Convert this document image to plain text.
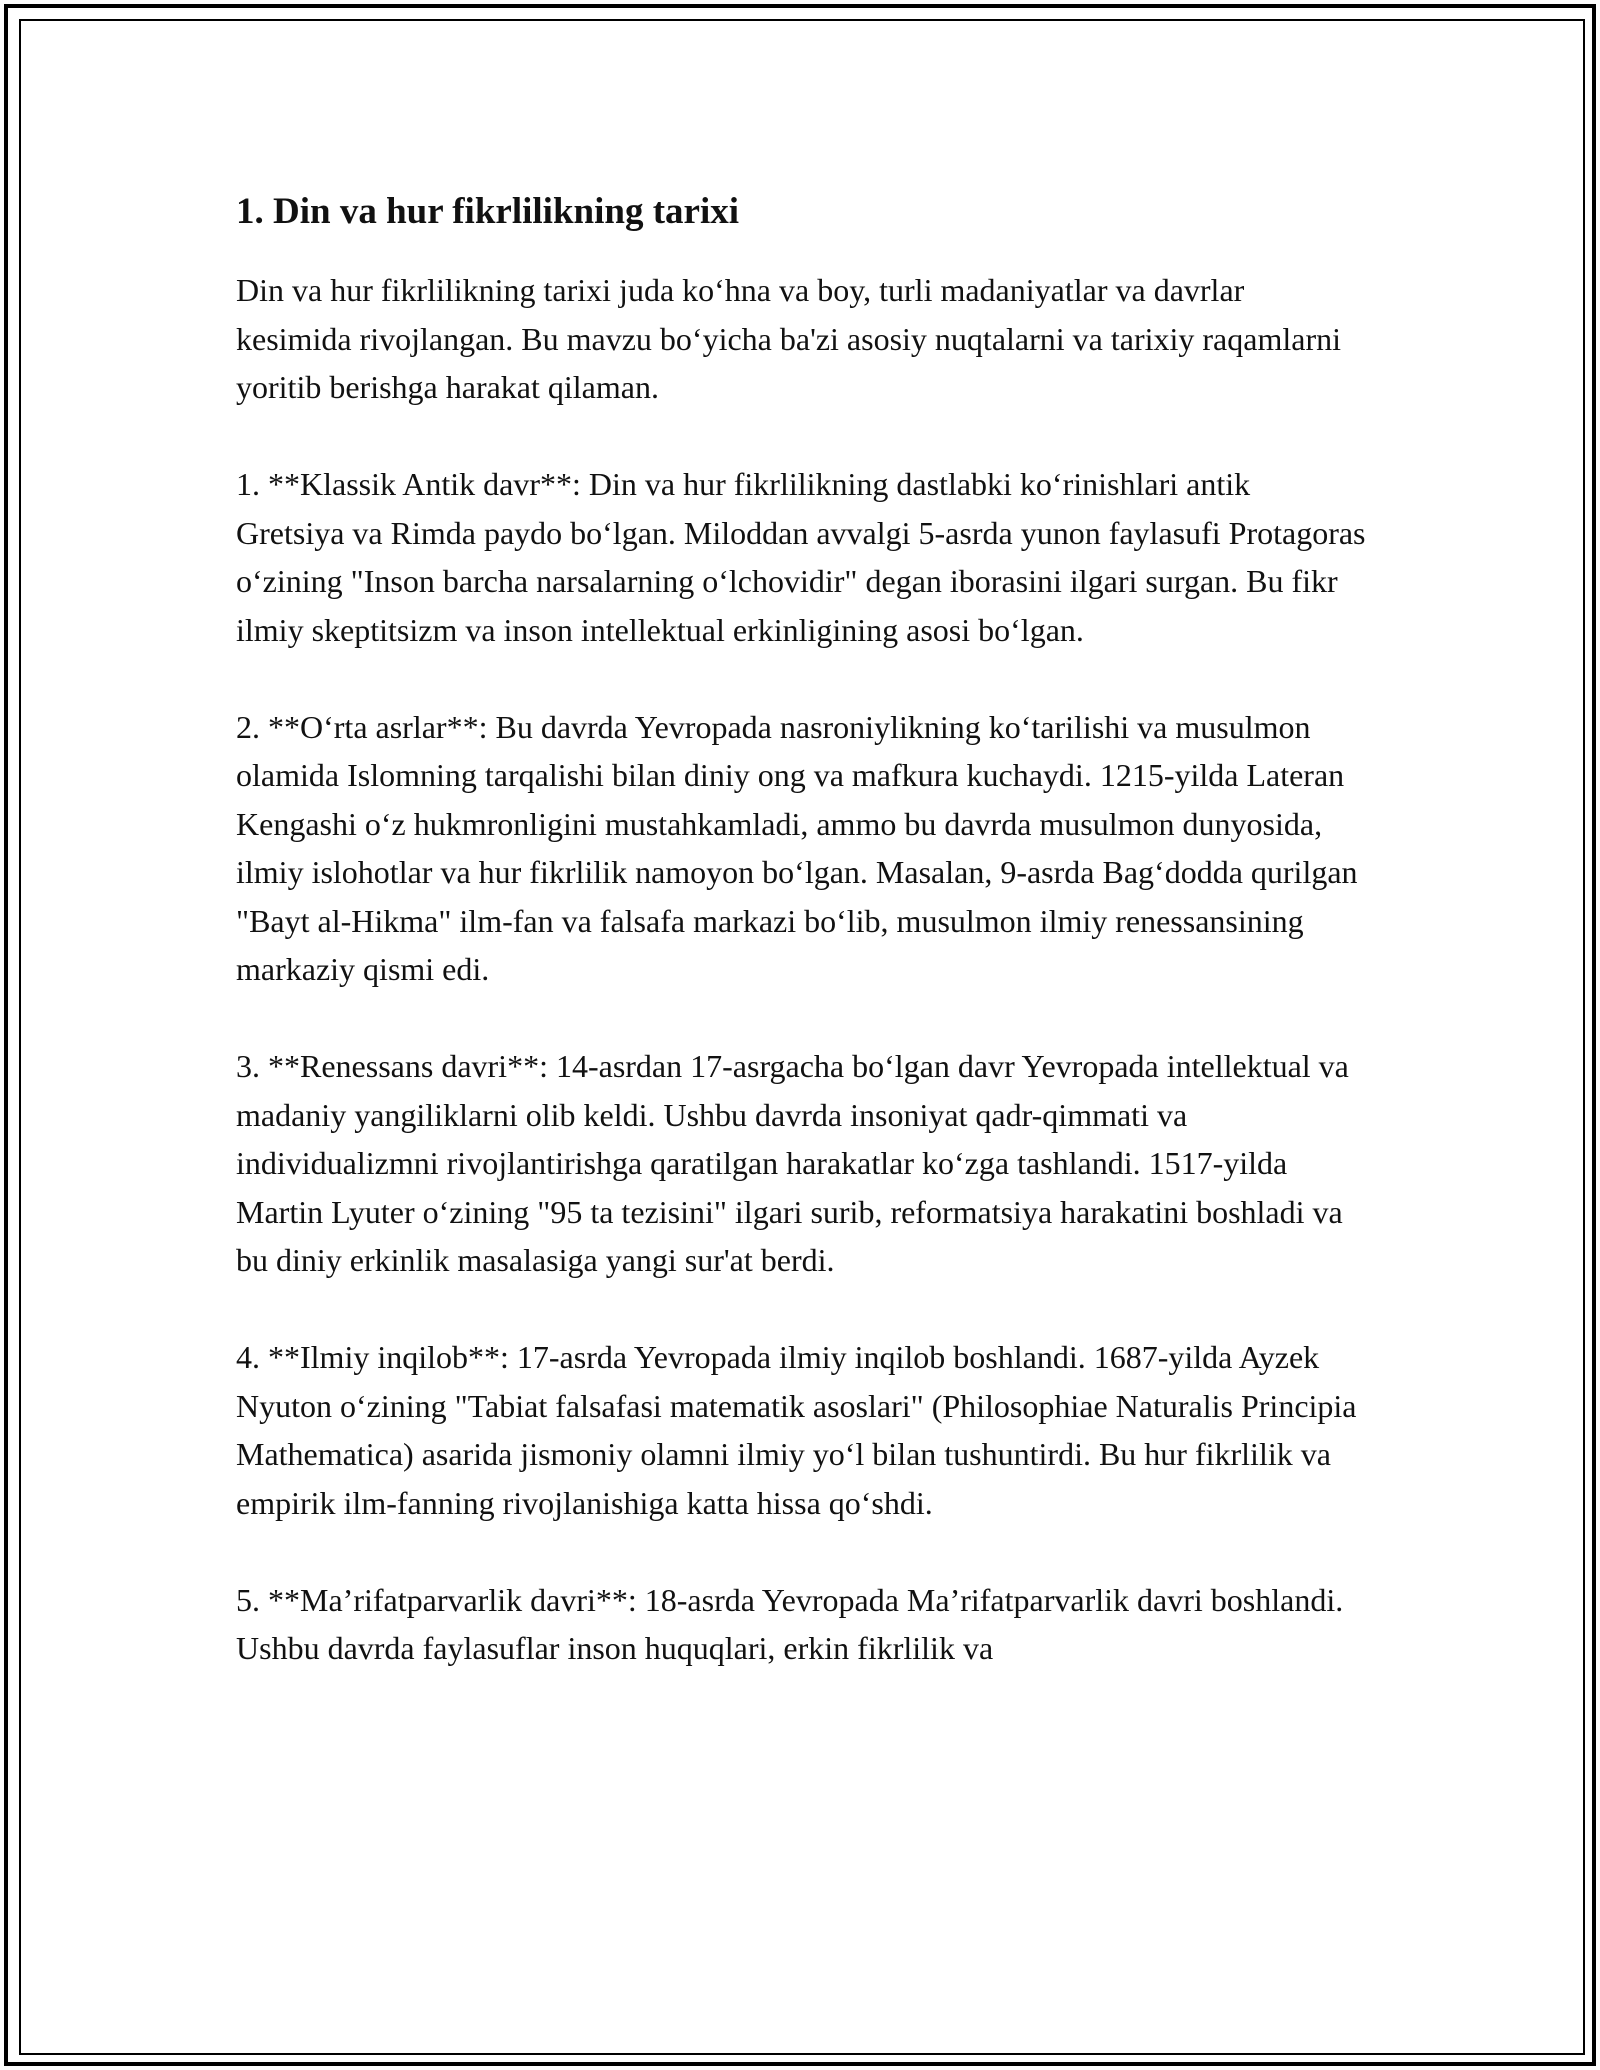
1. Din va hur fikrlilikning tarixi

Din va hur fikrlilikning tarixi juda ko‘hna va boy, turli madaniyatlar va davrlar kesimida rivojlangan. Bu mavzu bo‘yicha ba'zi asosiy nuqtalarni va tarixiy raqamlarni yoritib berishga harakat qilaman.

1. **Klassik Antik davr**: Din va hur fikrlilikning dastlabki ko‘rinishlari antik Gretsiya va Rimda paydo bo‘lgan. Miloddan avvalgi 5-asrda yunon faylasufi Protagoras o‘zining "Inson barcha narsalarning o‘lchovidir" degan iborasini ilgari surgan. Bu fikr ilmiy skeptitsizm va inson intellektual erkinligining asosi bo‘lgan.

2. **O‘rta asrlar**: Bu davrda Yevropada nasroniylikning ko‘tarilishi va musulmon olamida Islomning tarqalishi bilan diniy ong va mafkura kuchaydi. 1215-yilda Lateran Kengashi o‘z hukmronligini mustahkamladi, ammo bu davrda musulmon dunyosida, ilmiy islohotlar va hur fikrlilik namoyon bo‘lgan. Masalan, 9-asrda Bag‘dodda qurilgan "Bayt al-Hikma" ilm-fan va falsafa markazi bo‘lib, musulmon ilmiy renessansining markaziy qismi edi.

3. **Renessans davri**: 14-asrdan 17-asrgacha bo‘lgan davr Yevropada intellektual va madaniy yangiliklarni olib keldi. Ushbu davrda insoniyat qadr-qimmati va individualizmni rivojlantirishga qaratilgan harakatlar ko‘zga tashlandi. 1517-yilda Martin Lyuter o‘zining "95 ta tezisini" ilgari surib, reformatsiya harakatini boshladi va bu diniy erkinlik masalasiga yangi sur'at berdi.

4. **Ilmiy inqilob**: 17-asrda Yevropada ilmiy inqilob boshlandi. 1687-yilda Ayzek Nyuton o‘zining "Tabiat falsafasi matematik asoslari" (Philosophiae Naturalis Principia Mathematica) asarida jismoniy olamni ilmiy yo‘l bilan tushuntirdi. Bu hur fikrlilik va empirik ilm-fanning rivojlanishiga katta hissa qo‘shdi.

5. **Ma’rifatparvarlik davri**: 18-asrda Yevropada Ma’rifatparvarlik davri boshlandi. Ushbu davrda faylasuflar inson huquqlari, erkin fikrlilik va
